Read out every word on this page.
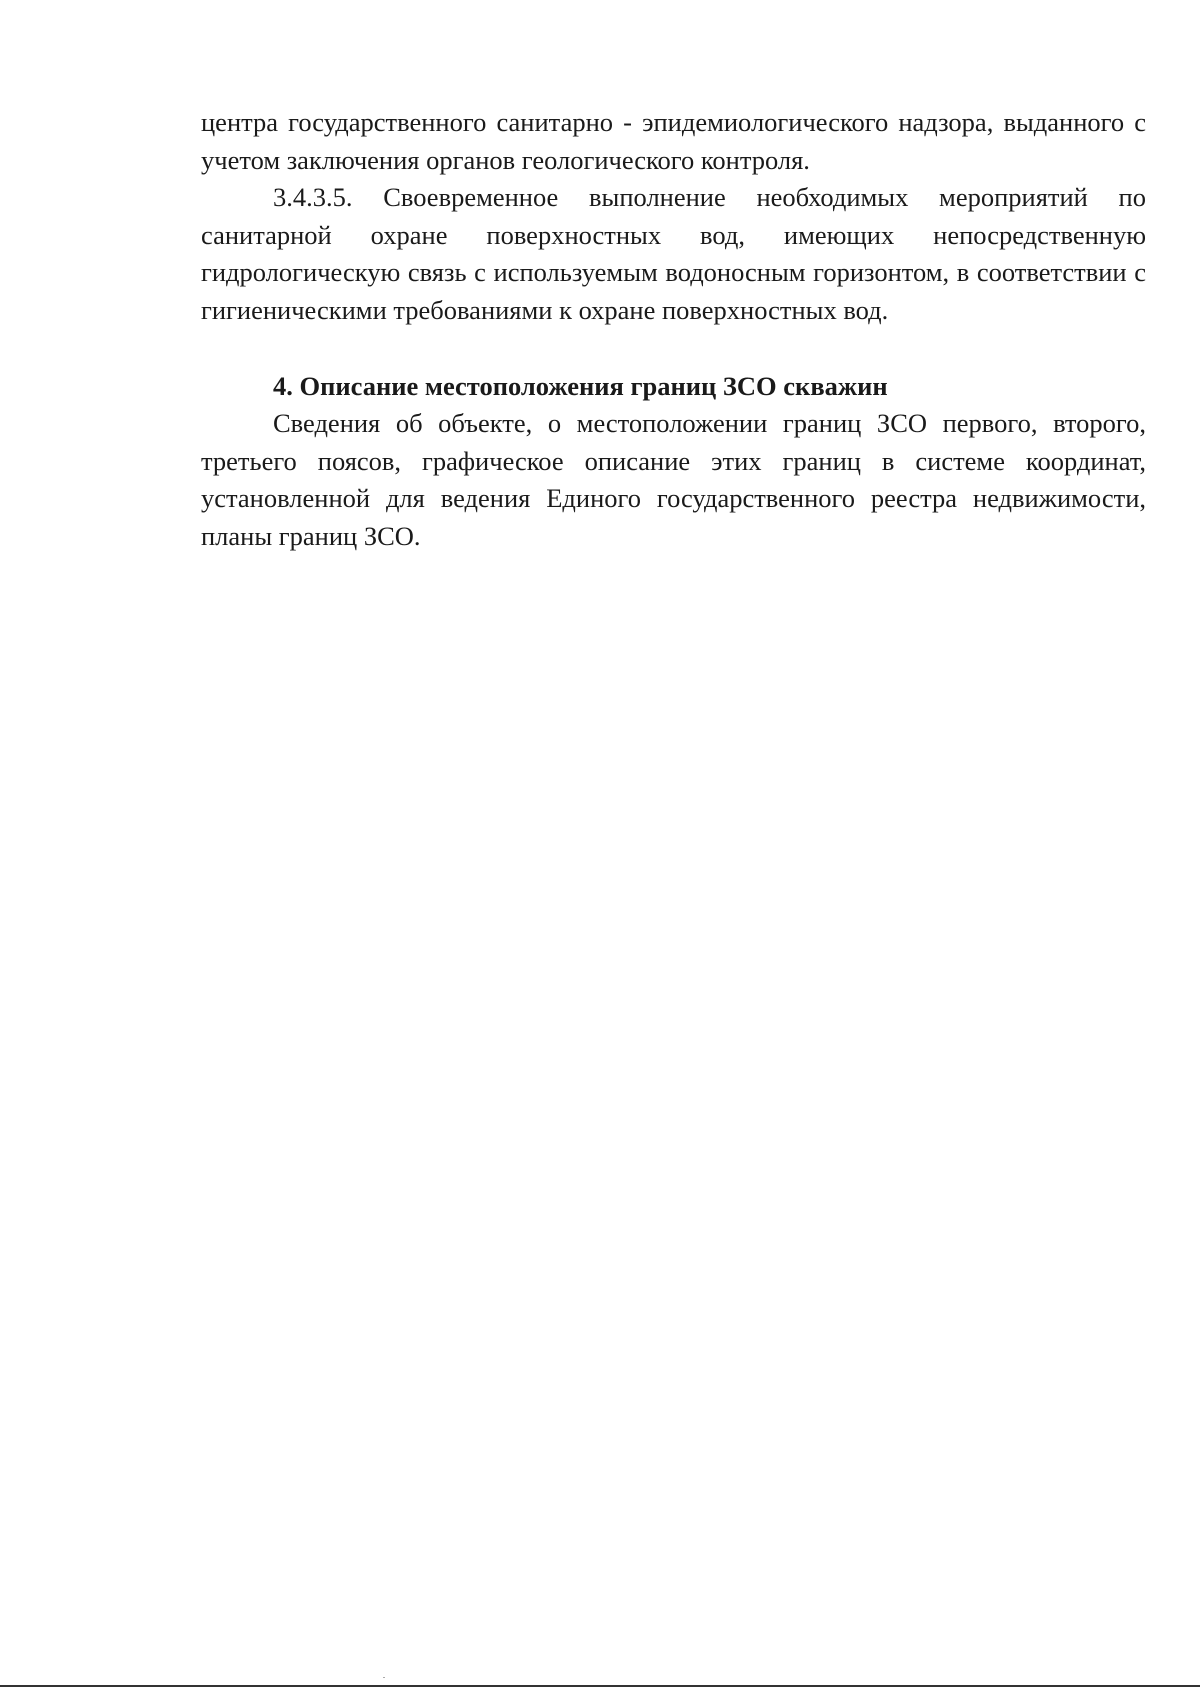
центра государственного санитарно - эпидемиологического надзора, выданного с учетом заключения органов геологического контроля.

3.4.3.5. Своевременное выполнение необходимых мероприятий по санитарной охране поверхностных вод, имеющих непосредственную гидрологическую связь с используемым водоносным горизонтом, в соответствии с гигиеническими требованиями к охране поверхностных вод.

4. Описание местоположения границ ЗСО скважин

Сведения об объекте, о местоположении границ ЗСО первого, второго, третьего поясов, графическое описание этих границ в системе координат, установленной для ведения Единого государственного реестра недвижимости, планы границ ЗСО.
